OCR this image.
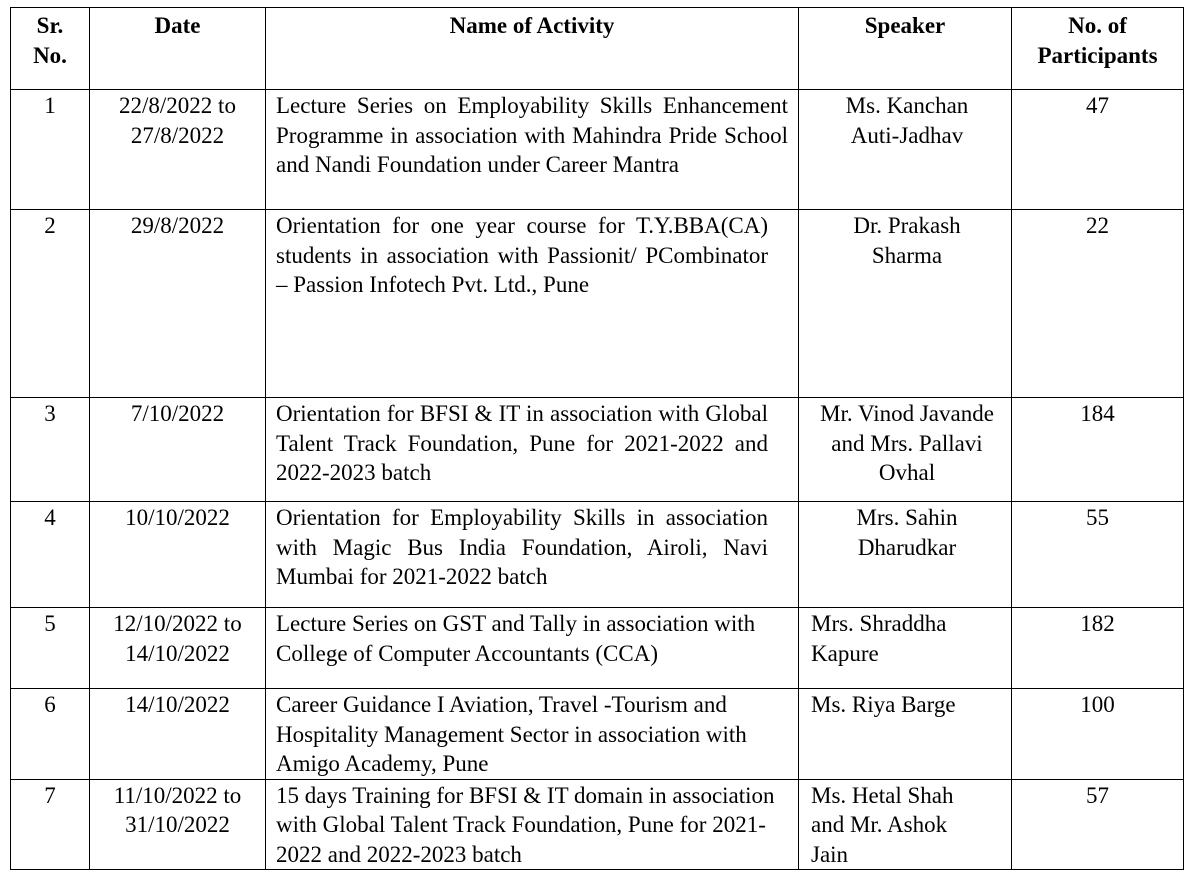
Sr. No.	Date	Name of Activity	Speaker	No. of Participants

1	22/8/2022 to 27/8/2022	Lecture Series on Employability Skills Enhancement Programme in association with Mahindra Pride School and Nandi Foundation under Career Mantra	Ms. Kanchan Auti-Jadhav	47
2	29/8/2022	Orientation for one year course for T.Y.BBA(CA) students in association with Passionit/ PCombinator – Passion Infotech Pvt. Ltd., Pune	Dr. Prakash Sharma	22
3	7/10/2022	Orientation for BFSI & IT in association with Global Talent Track Foundation, Pune for 2021-2022 and 2022-2023 batch	Mr. Vinod Javande and Mrs. Pallavi Ovhal	184
4	10/10/2022	Orientation for Employability Skills in association with Magic Bus India Foundation, Airoli, Navi Mumbai for 2021-2022 batch	Mrs. Sahin Dharudkar	55
5	12/10/2022 to 14/10/2022	Lecture Series on GST and Tally in association with College of Computer Accountants (CCA)	Mrs. Shraddha Kapure	182
6	14/10/2022	Career Guidance I Aviation, Travel -Tourism and Hospitality Management Sector in association with Amigo Academy, Pune	Ms. Riya Barge	100
7	11/10/2022 to 31/10/2022	15 days Training for BFSI & IT domain in association with Global Talent Track Foundation, Pune for 2021-2022 and 2022-2023 batch	Ms. Hetal Shah and Mr. Ashok Jain	57
